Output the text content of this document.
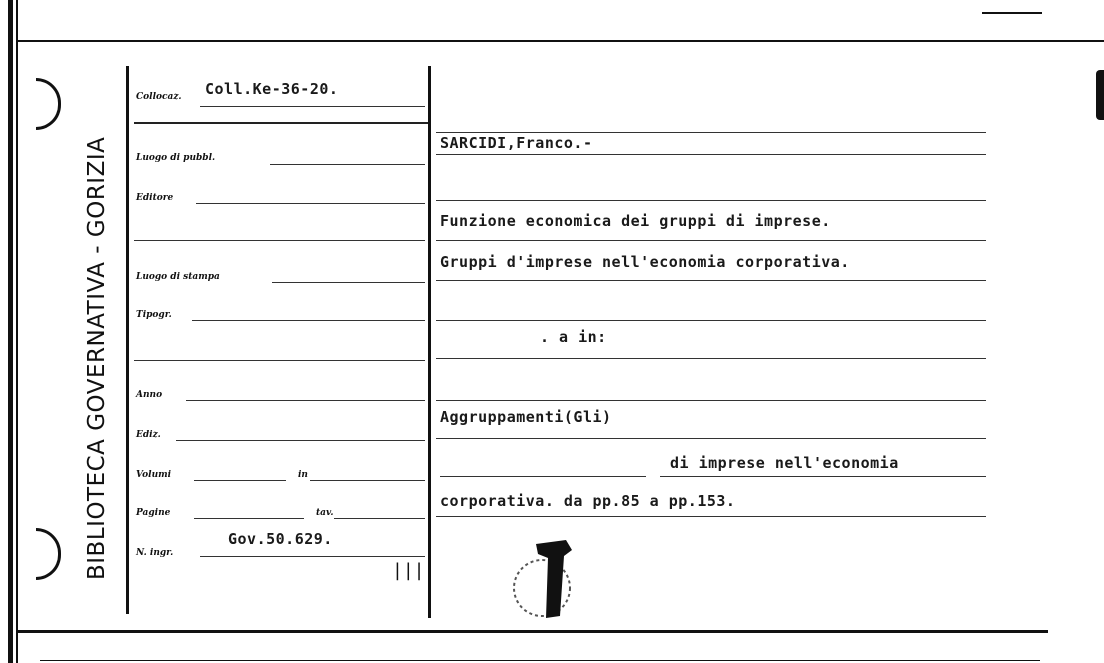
BIBLIOTECA GOVERNATIVA - GORIZIA
Collocaz. Coll.Ke-36-20.
Luogo di pubbl.
Editore
Luogo di stampa
Tipogr.
Anno
Ediz.
Volumi	in
Pagine	tav.
N. ingr.
Gov.50.629.
|||
SARCIDI,Franco.-
Funzione economica dei gruppi di imprese.
Gruppi d'imprese nell'economia corporativa.
. a in:
Aggruppamenti(Gli)
di imprese nell'economia
corporativa. da pp.85 a pp.153.
